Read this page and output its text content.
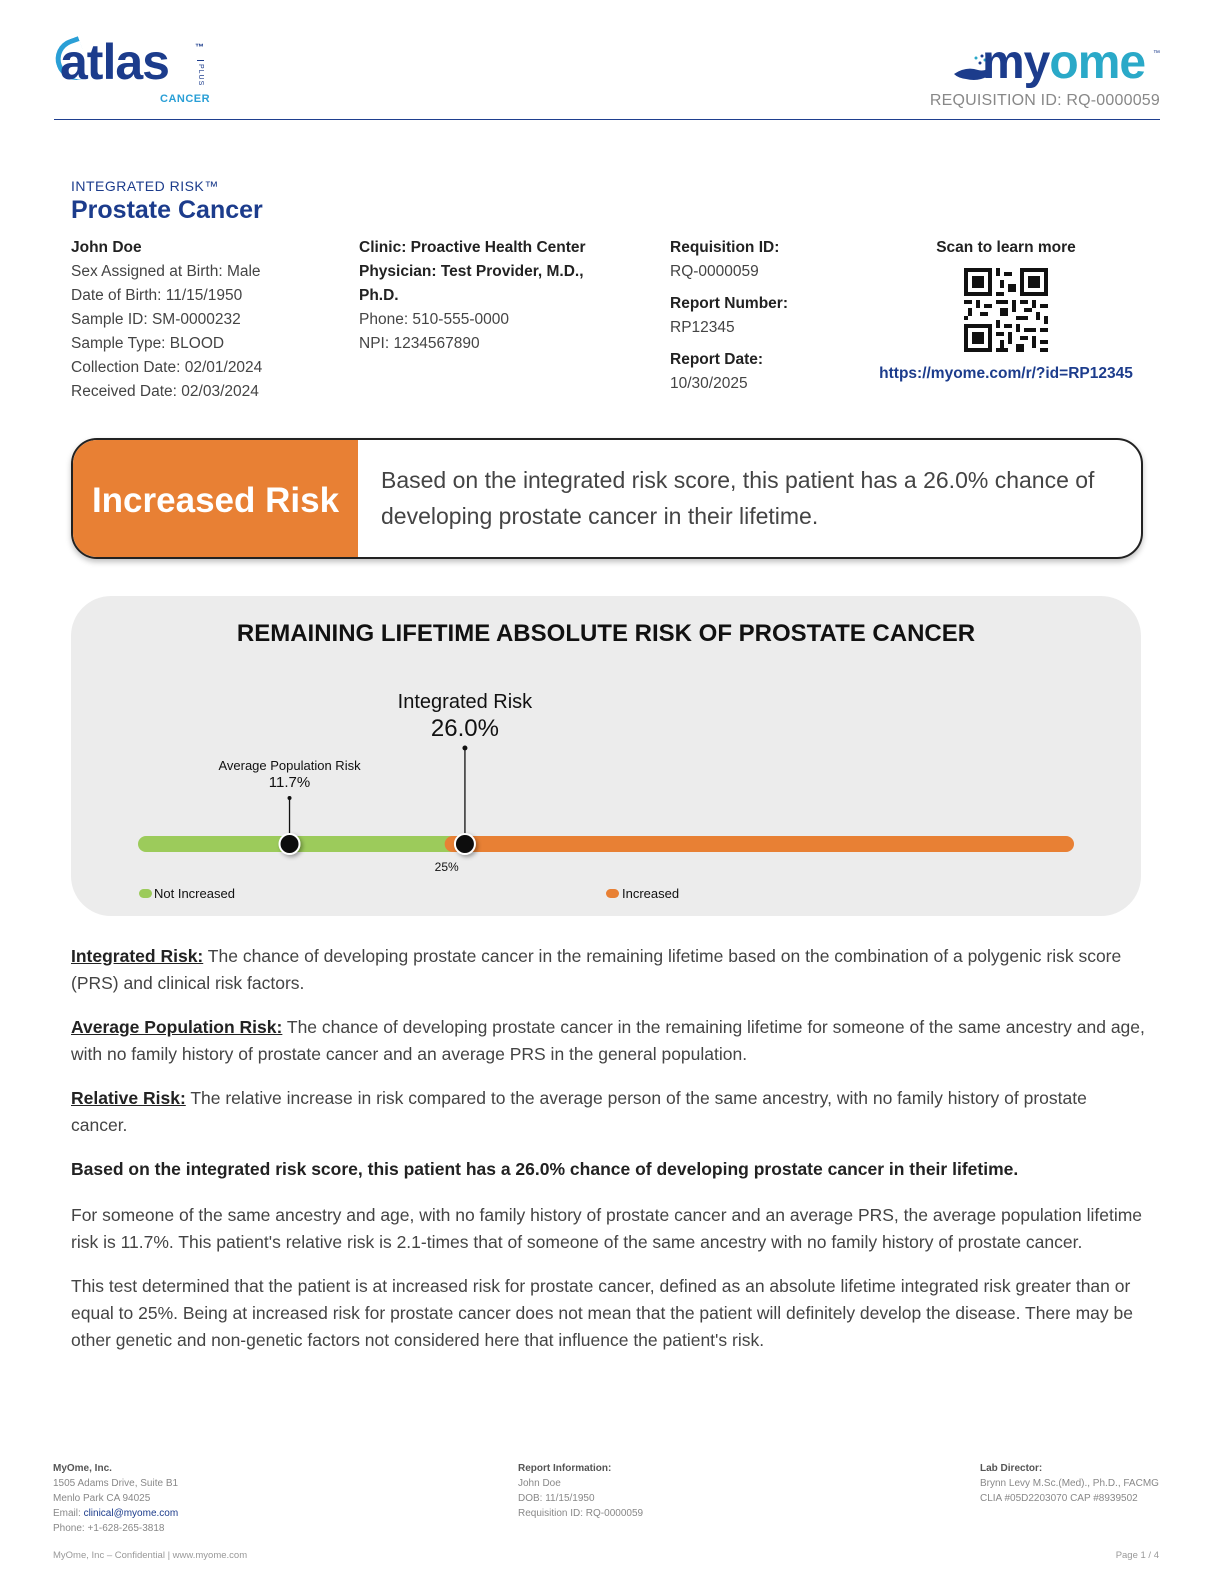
atlas	™
PLUS
CANCER
myome ™
REQUISITION ID: RQ-0000059
INTEGRATED RISK™
Prostate Cancer
John Doe
Sex Assigned at Birth: Male
Date of Birth: 11/15/1950
Sample ID: SM-0000232
Sample Type: BLOOD
Collection Date: 02/01/2024
Received Date: 02/03/2024
Clinic: Proactive Health Center
Physician: Test Provider, M.D., Ph.D.
Phone: 510-555-0000
NPI: 1234567890
Requisition ID:
RQ-0000059
Report Number:
RP12345
Report Date:
10/30/2025
Scan to learn more
https://myome.com/r/?id=RP12345
Increased Risk
Based on the integrated risk score, this patient has a 26.0% chance of developing prostate cancer in their lifetime.
REMAINING LIFETIME ABSOLUTE RISK OF PROSTATE CANCER
Integrated Risk
26.0%
Average Population Risk
11.7%
25%
Not Increased	Increased

Integrated Risk: The chance of developing prostate cancer in the remaining lifetime based on the combination of a polygenic risk score (PRS) and clinical risk factors.

Average Population Risk: The chance of developing prostate cancer in the remaining lifetime for someone of the same ancestry and age, with no family history of prostate cancer and an average PRS in the general population.

Relative Risk: The relative increase in risk compared to the average person of the same ancestry, with no family history of prostate cancer.

Based on the integrated risk score, this patient has a 26.0% chance of developing prostate cancer in their lifetime.

For someone of the same ancestry and age, with no family history of prostate cancer and an average PRS, the average population lifetime risk is 11.7%. This patient's relative risk is 2.1-times that of someone of the same ancestry with no family history of prostate cancer.

This test determined that the patient is at increased risk for prostate cancer, defined as an absolute lifetime integrated risk greater than or equal to 25%. Being at increased risk for prostate cancer does not mean that the patient will definitely develop the disease. There may be other genetic and non-genetic factors not considered here that influence the patient's risk.

MyOme, Inc.
1505 Adams Drive, Suite B1
Menlo Park CA 94025
Email: clinical@myome.com
Phone: +1-628-265-3818
Report Information:
John Doe
DOB: 11/15/1950
Requisition ID: RQ-0000059
Lab Director:
Brynn Levy M.Sc.(Med)., Ph.D., FACMG
CLIA #05D2203070 CAP #8939502
MyOme, Inc – Confidential | www.myome.com	Page 1 / 4
